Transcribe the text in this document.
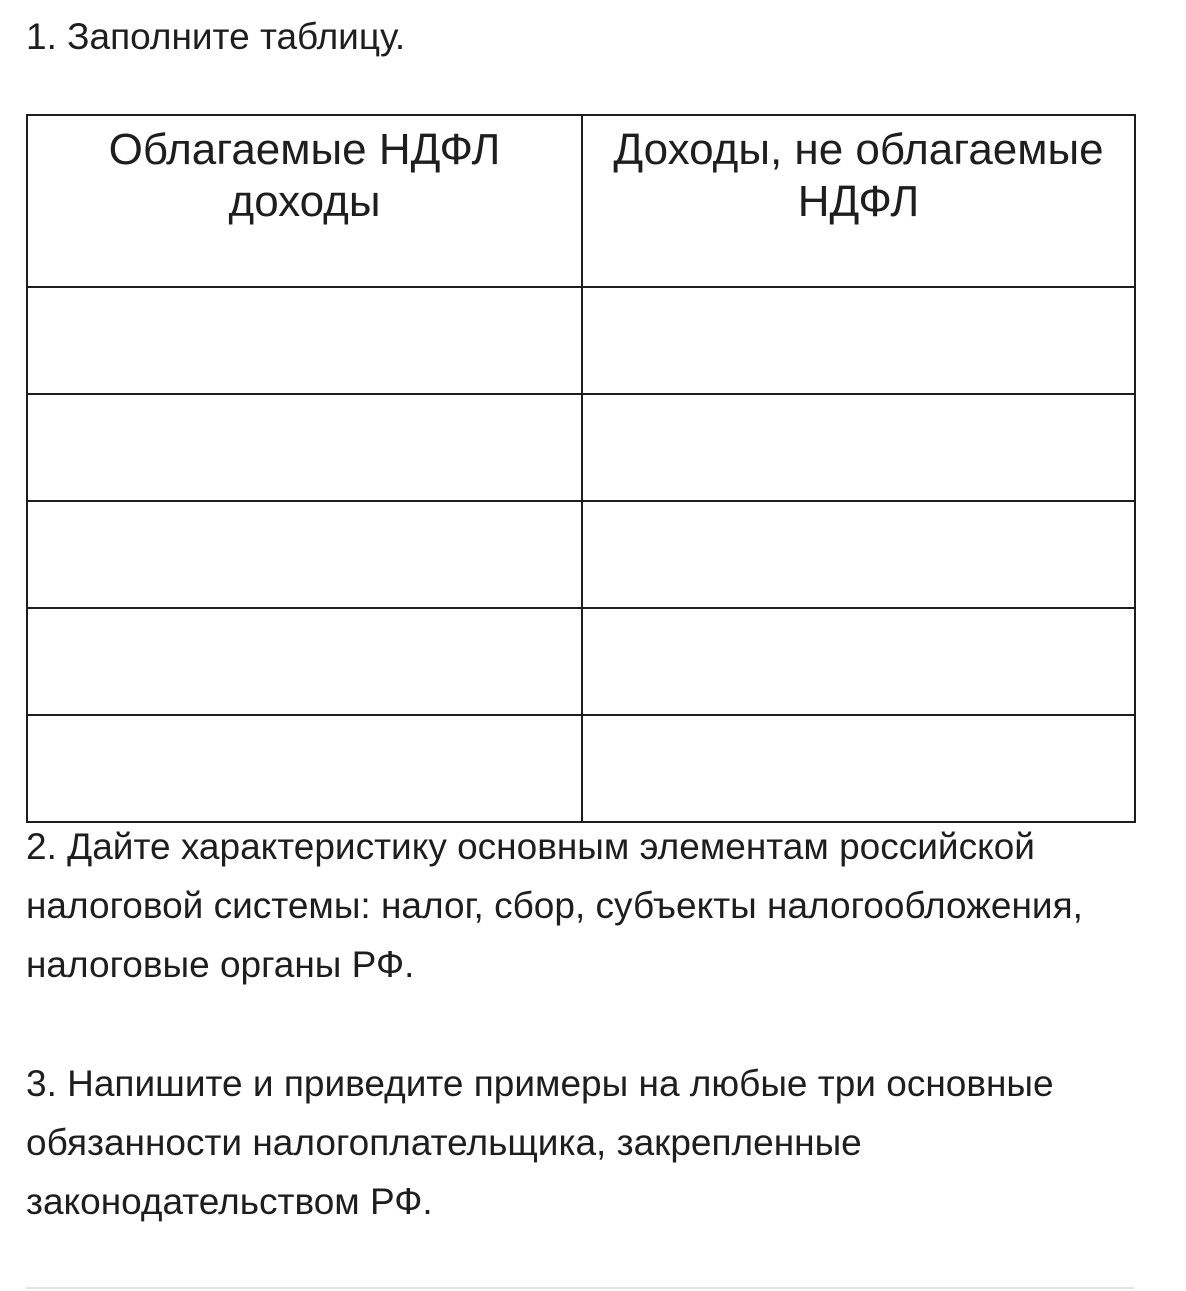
1. Заполните таблицу.
Облагаемые НДФЛ доходы	Доходы, не облагаемые НДФЛ

2. Дайте характеристику основным элементам российской налоговой системы: налог, сбор, субъекты налогообложения, налоговые органы РФ.

3. Напишите и приведите примеры на любые три основные обязанности налогоплательщика, закрепленные законодательством РФ.
